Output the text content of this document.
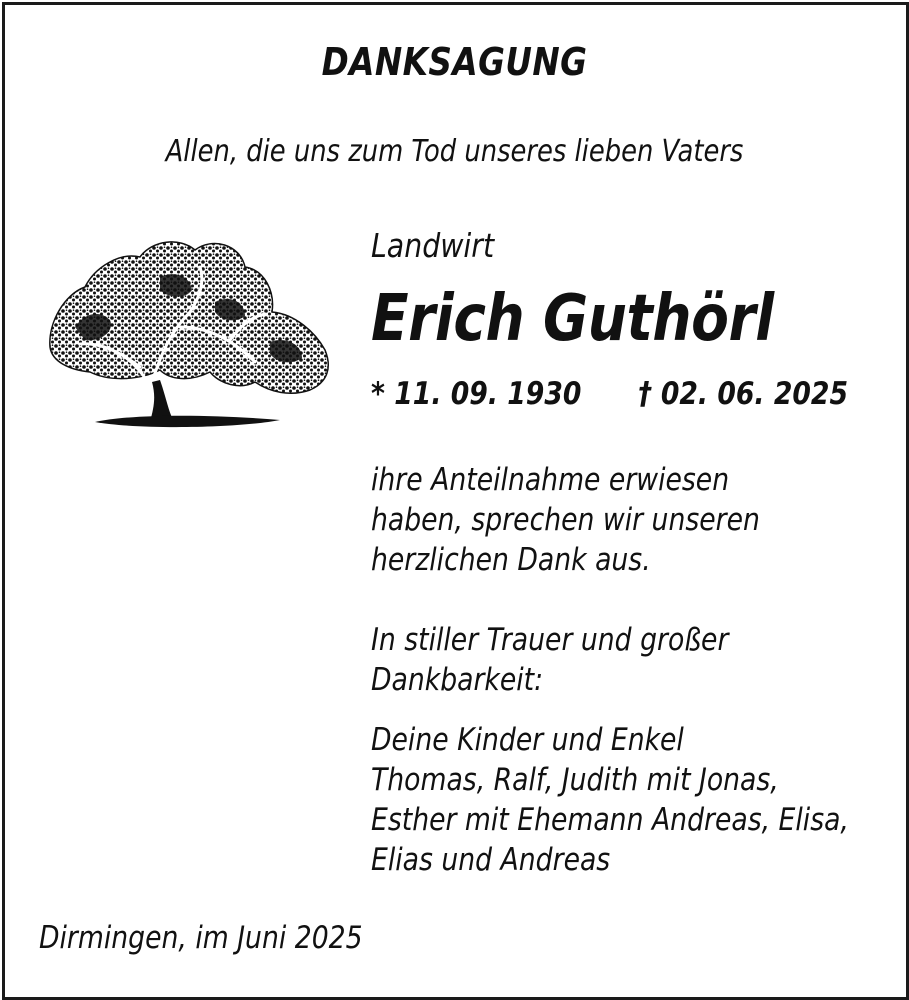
DANKSAGUNG
Allen, die uns zum Tod unseres lieben Vaters
Landwirt
Erich Guthörl
* 11. 09. 1930 † 02. 06. 2025
ihre Anteilnahme erwiesen
haben, sprechen wir unseren
herzlichen Dank aus.
In stiller Trauer und großer
Dankbarkeit:
Deine Kinder und Enkel
Thomas, Ralf, Judith mit Jonas,
Esther mit Ehemann Andreas, Elisa,
Elias und Andreas
Dirmingen, im Juni 2025
